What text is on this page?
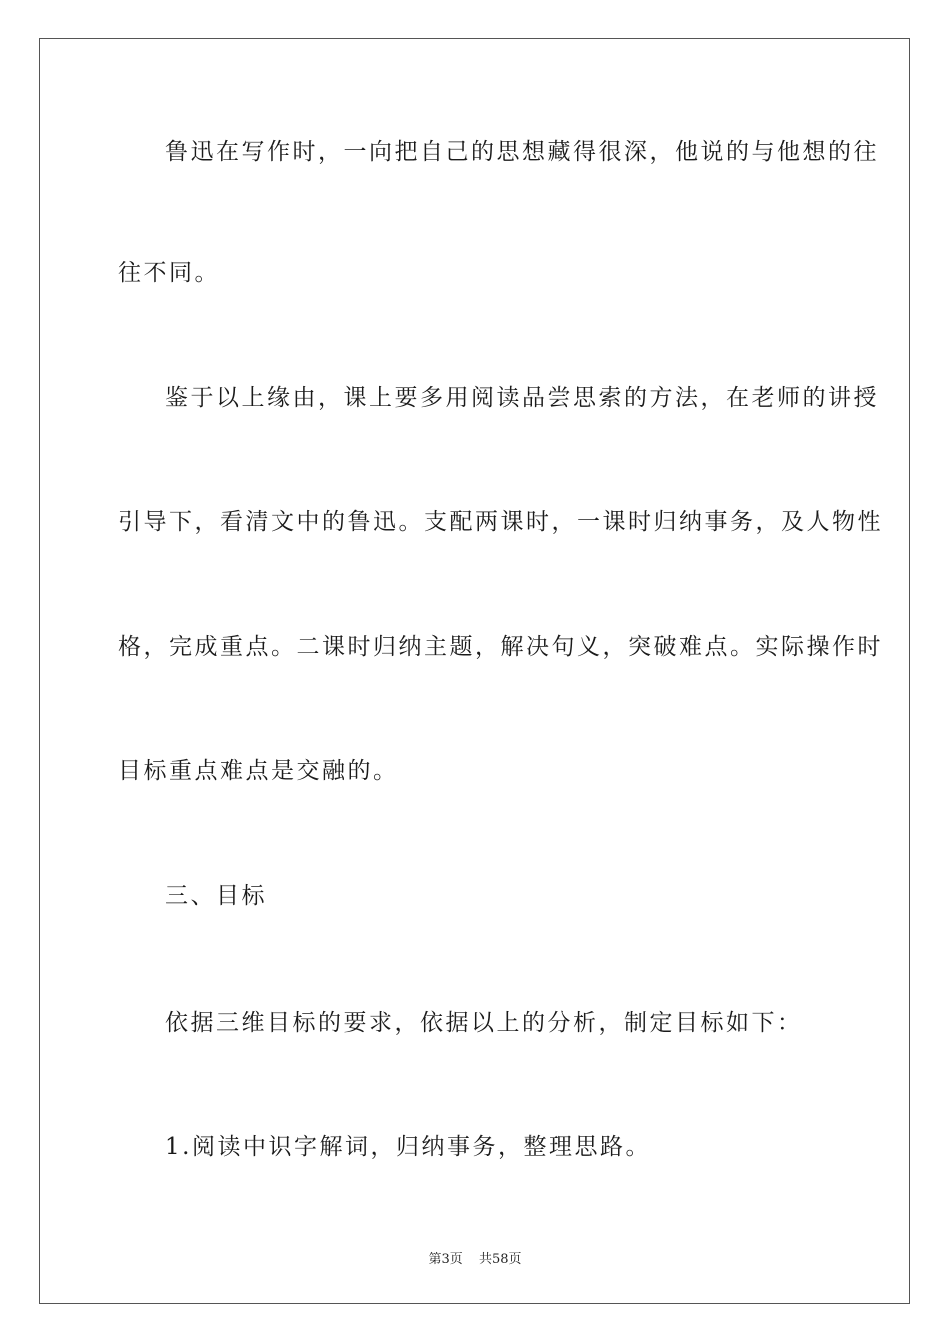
鲁迅在写作时，一向把自己的思想藏得很深，他说的与他想的往
往不同。
鉴于以上缘由，课上要多用阅读品尝思索的方法，在老师的讲授
引导下，看清文中的鲁迅。支配两课时，一课时归纳事务，及人物性
格，完成重点。二课时归纳主题，解决句义，突破难点。实际操作时
目标重点难点是交融的。
三、目标
依据三维目标的要求，依据以上的分析，制定目标如下：
1.阅读中识字解词，归纳事务，整理思路。
第3页 共58页
